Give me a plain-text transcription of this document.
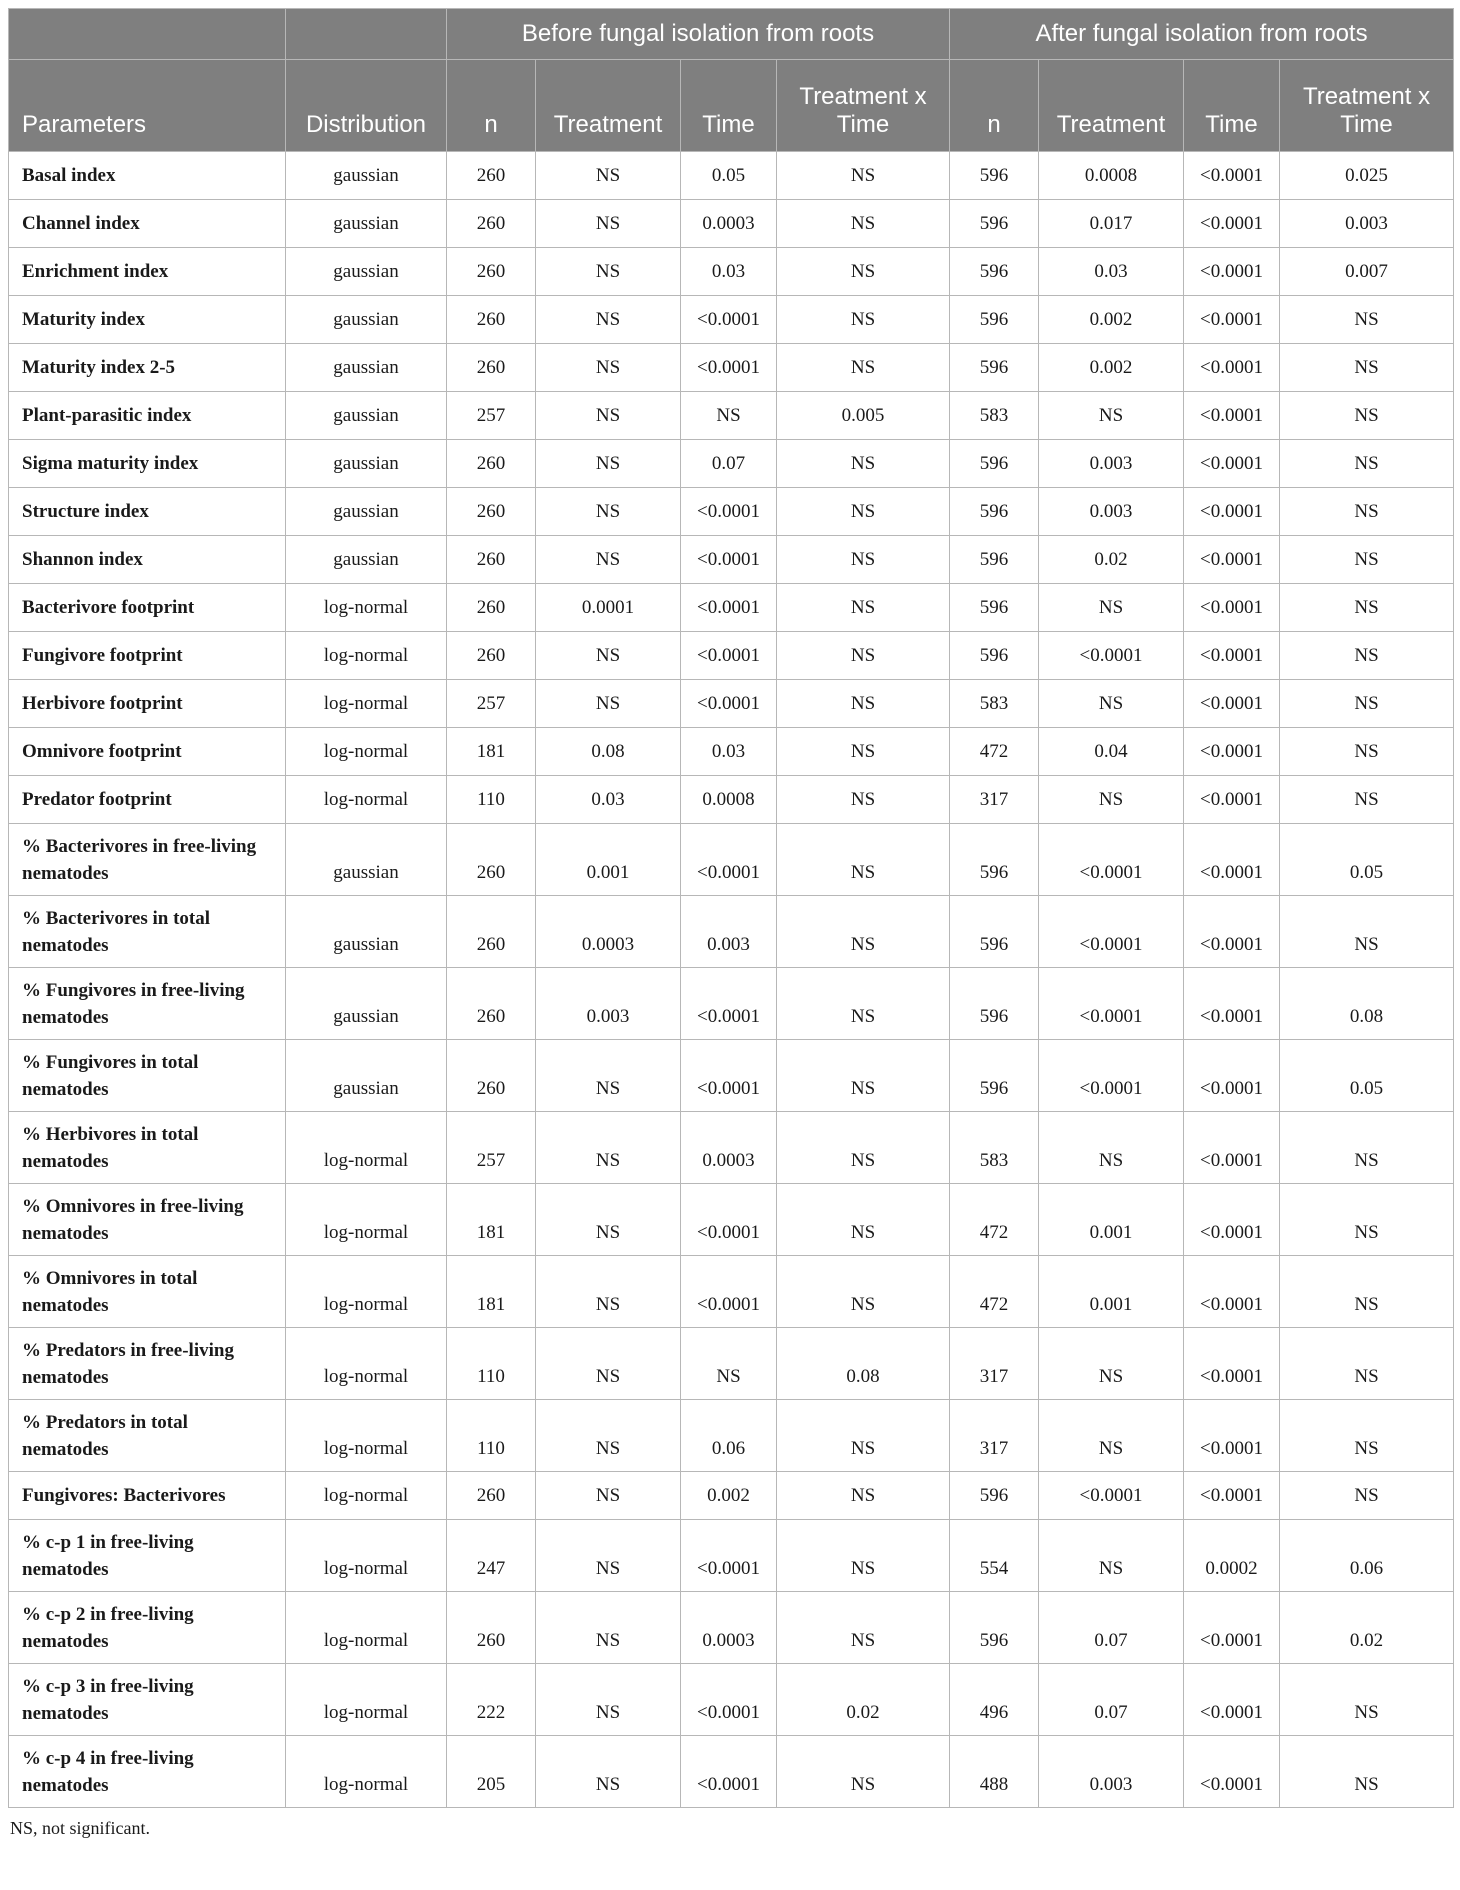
		Before fungal isolation from roots				After fungal isolation from roots			
Parameters	Distribution	n	Treatment	Time	Treatment x Time	n	Treatment	Time	Treatment x Time
Basal index	gaussian	260	NS	0.05	NS	596	0.0008	<0.0001	0.025
Channel index	gaussian	260	NS	0.0003	NS	596	0.017	<0.0001	0.003
Enrichment index	gaussian	260	NS	0.03	NS	596	0.03	<0.0001	0.007
Maturity index	gaussian	260	NS	<0.0001	NS	596	0.002	<0.0001	NS
Maturity index 2-5	gaussian	260	NS	<0.0001	NS	596	0.002	<0.0001	NS
Plant-parasitic index	gaussian	257	NS	NS	0.005	583	NS	<0.0001	NS
Sigma maturity index	gaussian	260	NS	0.07	NS	596	0.003	<0.0001	NS
Structure index	gaussian	260	NS	<0.0001	NS	596	0.003	<0.0001	NS
Shannon index	gaussian	260	NS	<0.0001	NS	596	0.02	<0.0001	NS
Bacterivore footprint	log-normal	260	0.0001	<0.0001	NS	596	NS	<0.0001	NS
Fungivore footprint	log-normal	260	NS	<0.0001	NS	596	<0.0001	<0.0001	NS
Herbivore footprint	log-normal	257	NS	<0.0001	NS	583	NS	<0.0001	NS
Omnivore footprint	log-normal	181	0.08	0.03	NS	472	0.04	<0.0001	NS
Predator footprint	log-normal	110	0.03	0.0008	NS	317	NS	<0.0001	NS
% Bacterivores in free-living nematodes	gaussian	260	0.001	<0.0001	NS	596	<0.0001	<0.0001	0.05
% Bacterivores in total nematodes	gaussian	260	0.0003	0.003	NS	596	<0.0001	<0.0001	NS
% Fungivores in free-living nematodes	gaussian	260	0.003	<0.0001	NS	596	<0.0001	<0.0001	0.08
% Fungivores in total nematodes	gaussian	260	NS	<0.0001	NS	596	<0.0001	<0.0001	0.05
% Herbivores in total nematodes	log-normal	257	NS	0.0003	NS	583	NS	<0.0001	NS
% Omnivores in free-living nematodes	log-normal	181	NS	<0.0001	NS	472	0.001	<0.0001	NS
% Omnivores in total nematodes	log-normal	181	NS	<0.0001	NS	472	0.001	<0.0001	NS
% Predators in free-living nematodes	log-normal	110	NS	NS	0.08	317	NS	<0.0001	NS
% Predators in total nematodes	log-normal	110	NS	0.06	NS	317	NS	<0.0001	NS
Fungivores: Bacterivores	log-normal	260	NS	0.002	NS	596	<0.0001	<0.0001	NS
% c-p 1 in free-living nematodes	log-normal	247	NS	<0.0001	NS	554	NS	0.0002	0.06
% c-p 2 in free-living nematodes	log-normal	260	NS	0.0003	NS	596	0.07	<0.0001	0.02
% c-p 3 in free-living nematodes	log-normal	222	NS	<0.0001	0.02	496	0.07	<0.0001	NS
% c-p 4 in free-living nematodes	log-normal	205	NS	<0.0001	NS	488	0.003	<0.0001	NS
NS, not significant.
